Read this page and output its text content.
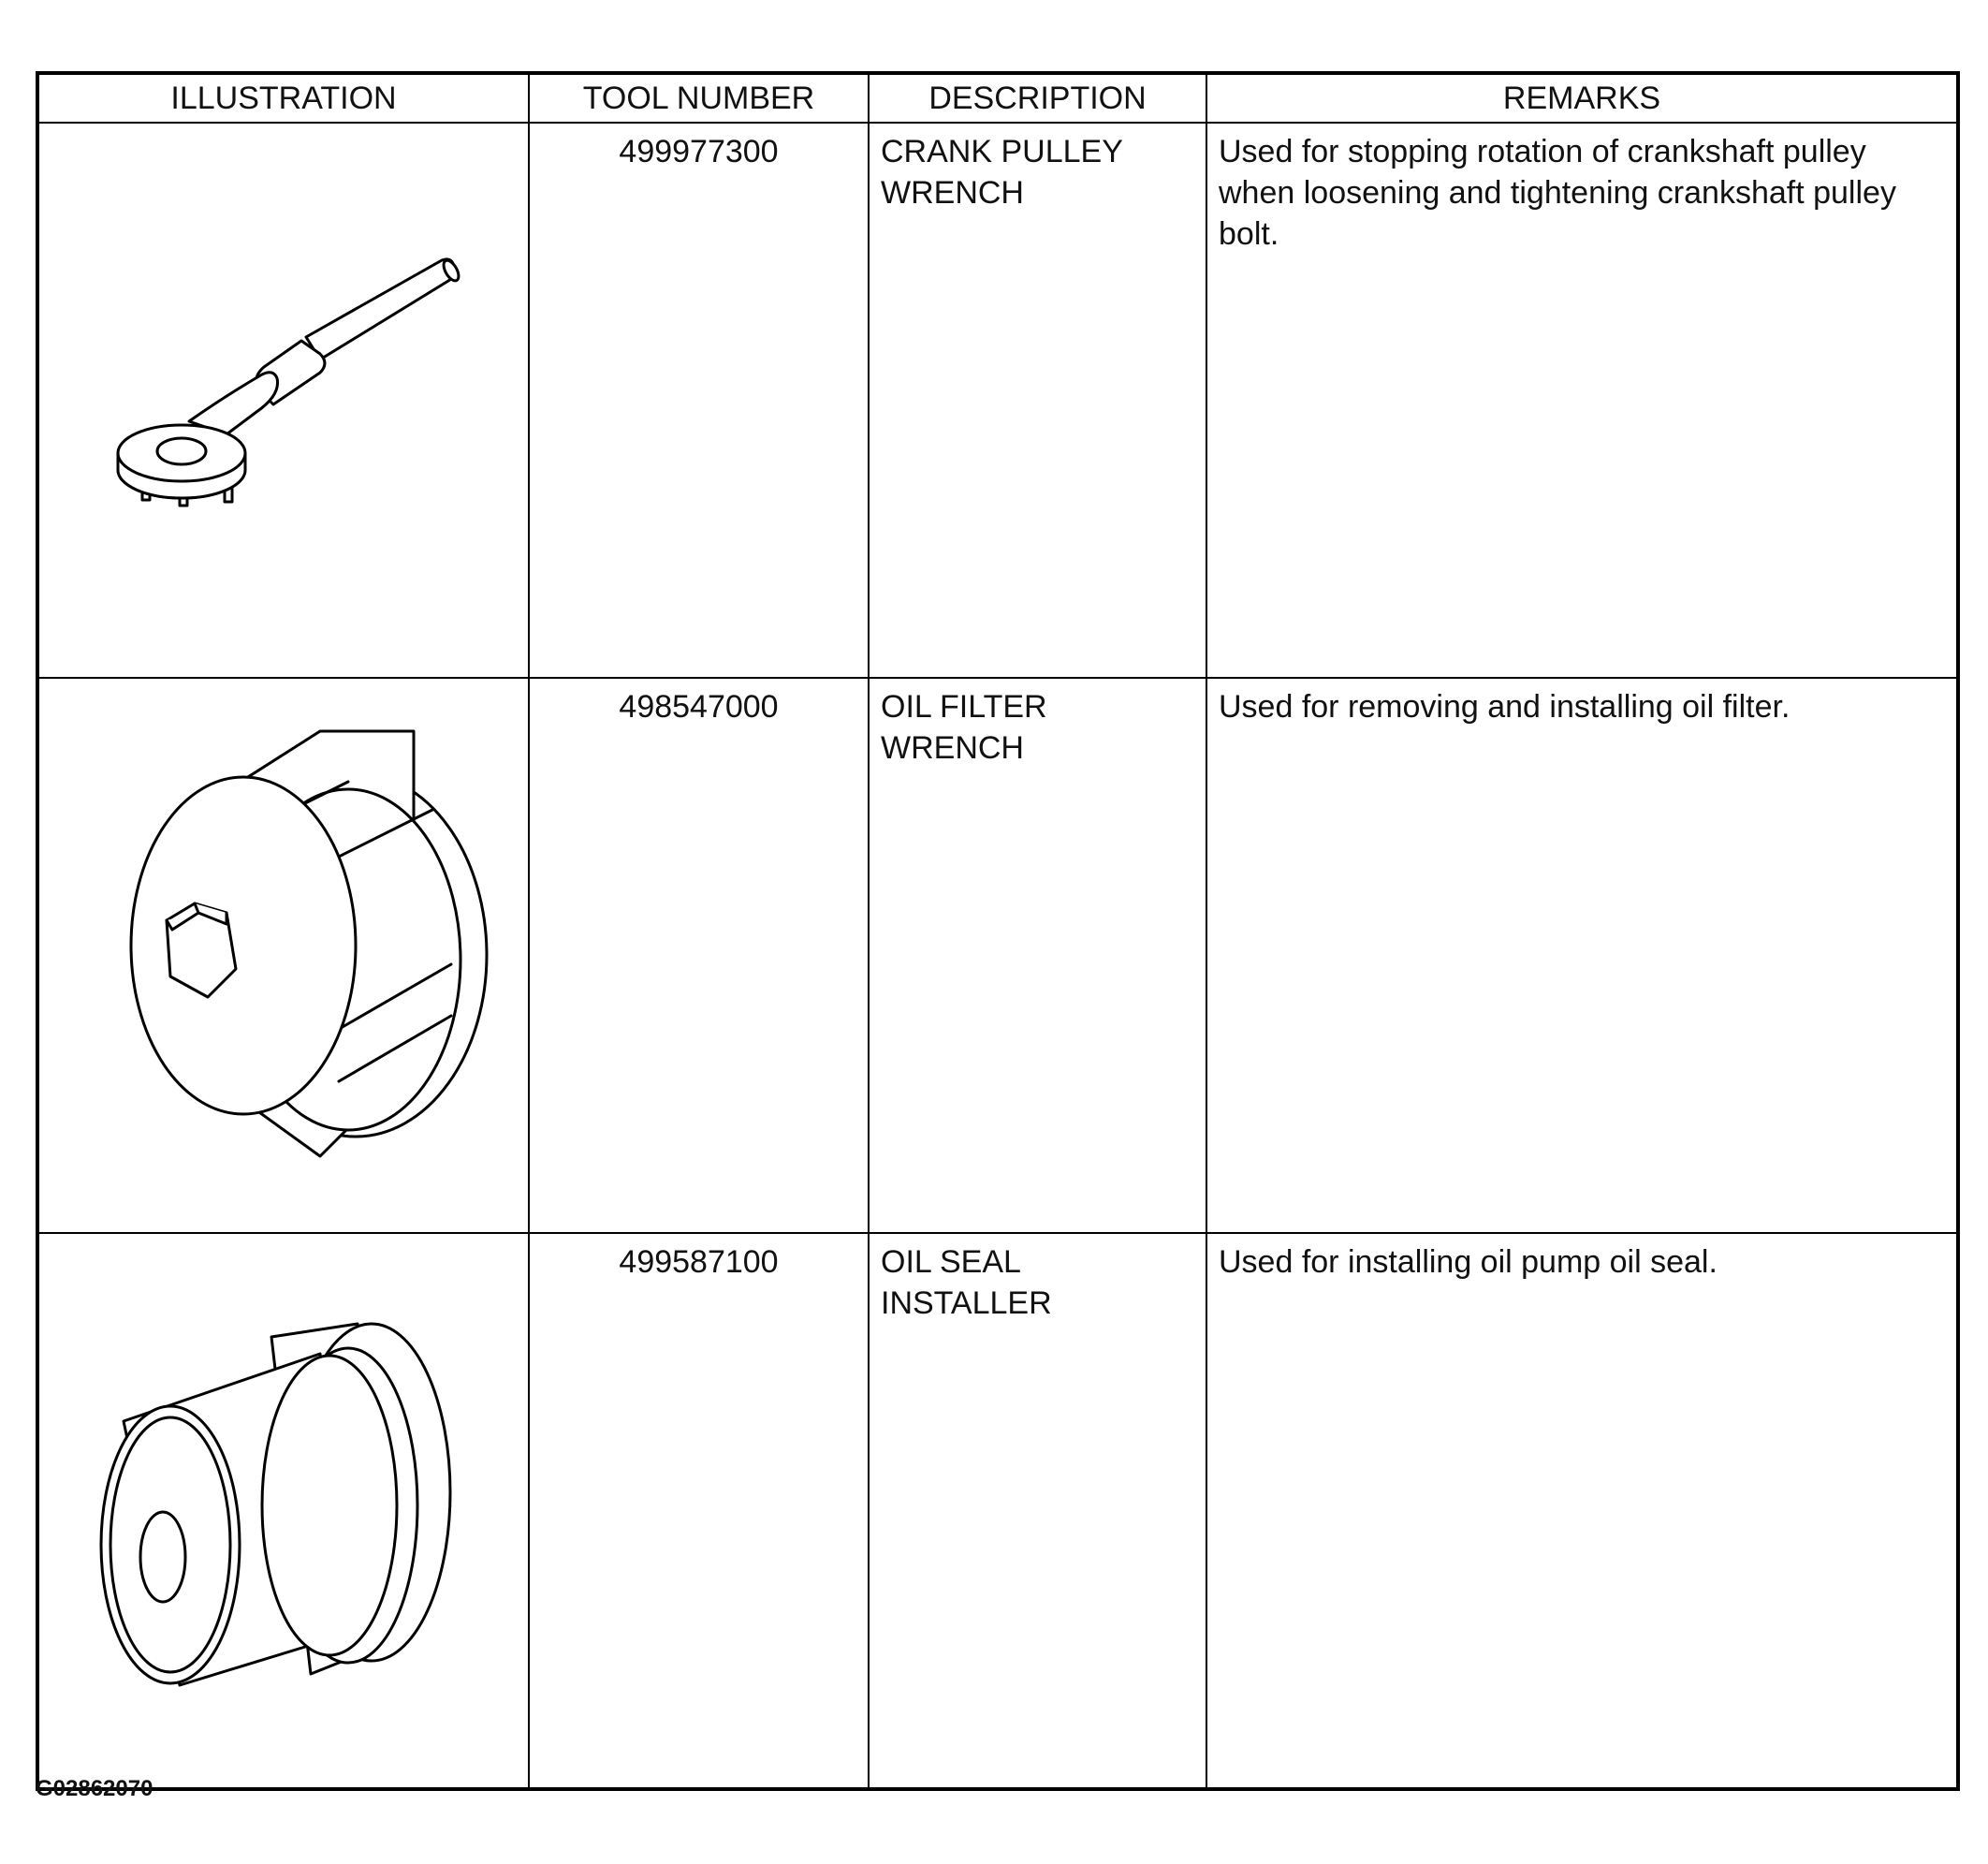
ILLUSTRATION	TOOL NUMBER	DESCRIPTION	REMARKS

	499977300	CRANK PULLEY
WRENCH	Used for stopping rotation of crankshaft pulley when loosening and tightening crankshaft pulley bolt.

	498547000	OIL FILTER
WRENCH	Used for removing and installing oil filter.

	499587100	OIL SEAL
INSTALLER	Used for installing oil pump oil seal.
G02862070
